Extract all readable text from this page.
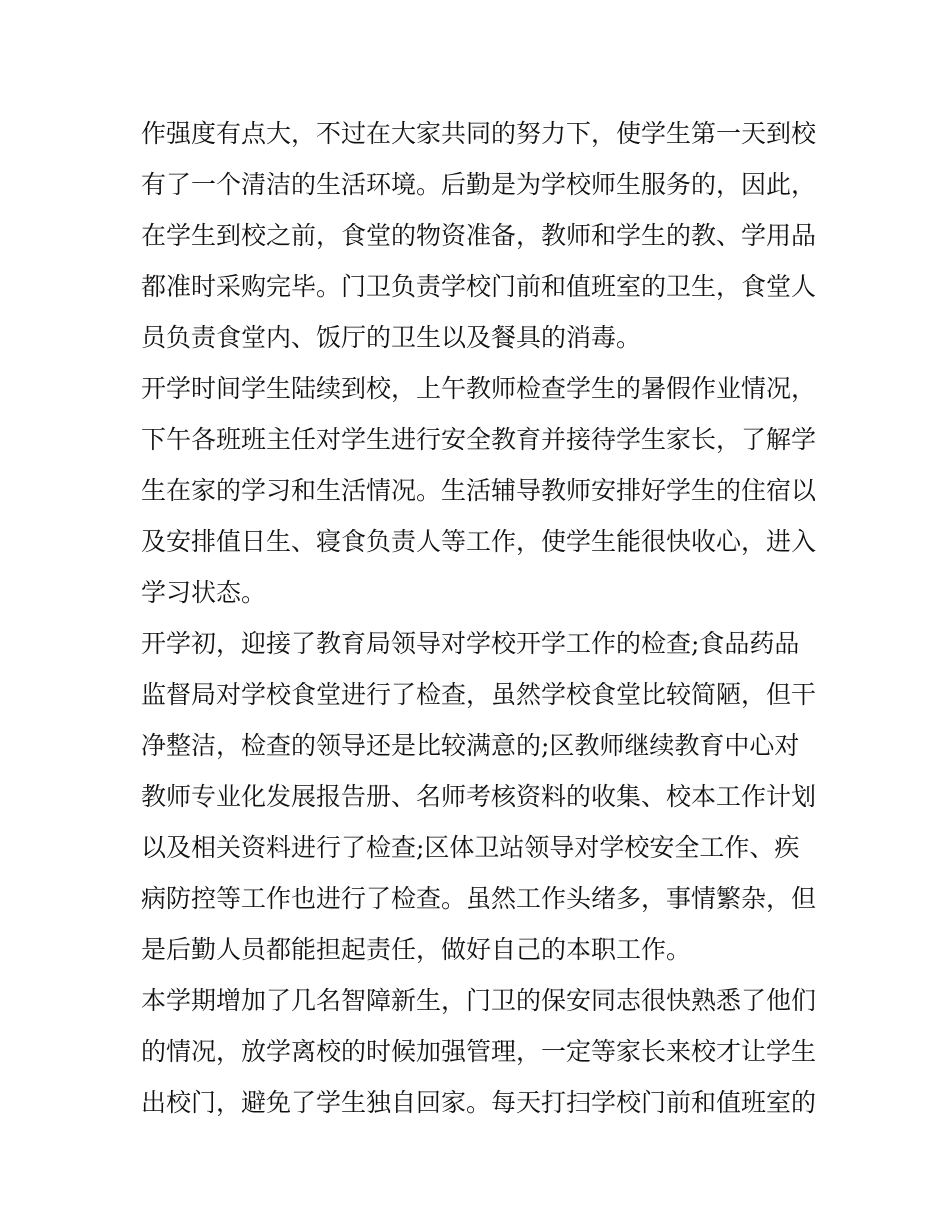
作强度有点大，不过在大家共同的努力下，使学生第一天到校
有了一个清洁的生活环境。后勤是为学校师生服务的，因此，
在学生到校之前，食堂的物资准备，教师和学生的教、学用品
都准时采购完毕。门卫负责学校门前和值班室的卫生，食堂人
员负责食堂内、饭厅的卫生以及餐具的消毒。
开学时间学生陆续到校，上午教师检查学生的暑假作业情况，
下午各班班主任对学生进行安全教育并接待学生家长，了解学
生在家的学习和生活情况。生活辅导教师安排好学生的住宿以
及安排值日生、寝食负责人等工作，使学生能很快收心，进入
学习状态。
开学初，迎接了教育局领导对学校开学工作的检查;食品药品
监督局对学校食堂进行了检查，虽然学校食堂比较简陋，但干
净整洁，检查的领导还是比较满意的;区教师继续教育中心对
教师专业化发展报告册、名师考核资料的收集、校本工作计划
以及相关资料进行了检查;区体卫站领导对学校安全工作、疾
病防控等工作也进行了检查。虽然工作头绪多，事情繁杂，但
是后勤人员都能担起责任，做好自己的本职工作。
本学期增加了几名智障新生，门卫的保安同志很快熟悉了他们
的情况，放学离校的时候加强管理，一定等家长来校才让学生
出校门，避免了学生独自回家。每天打扫学校门前和值班室的
